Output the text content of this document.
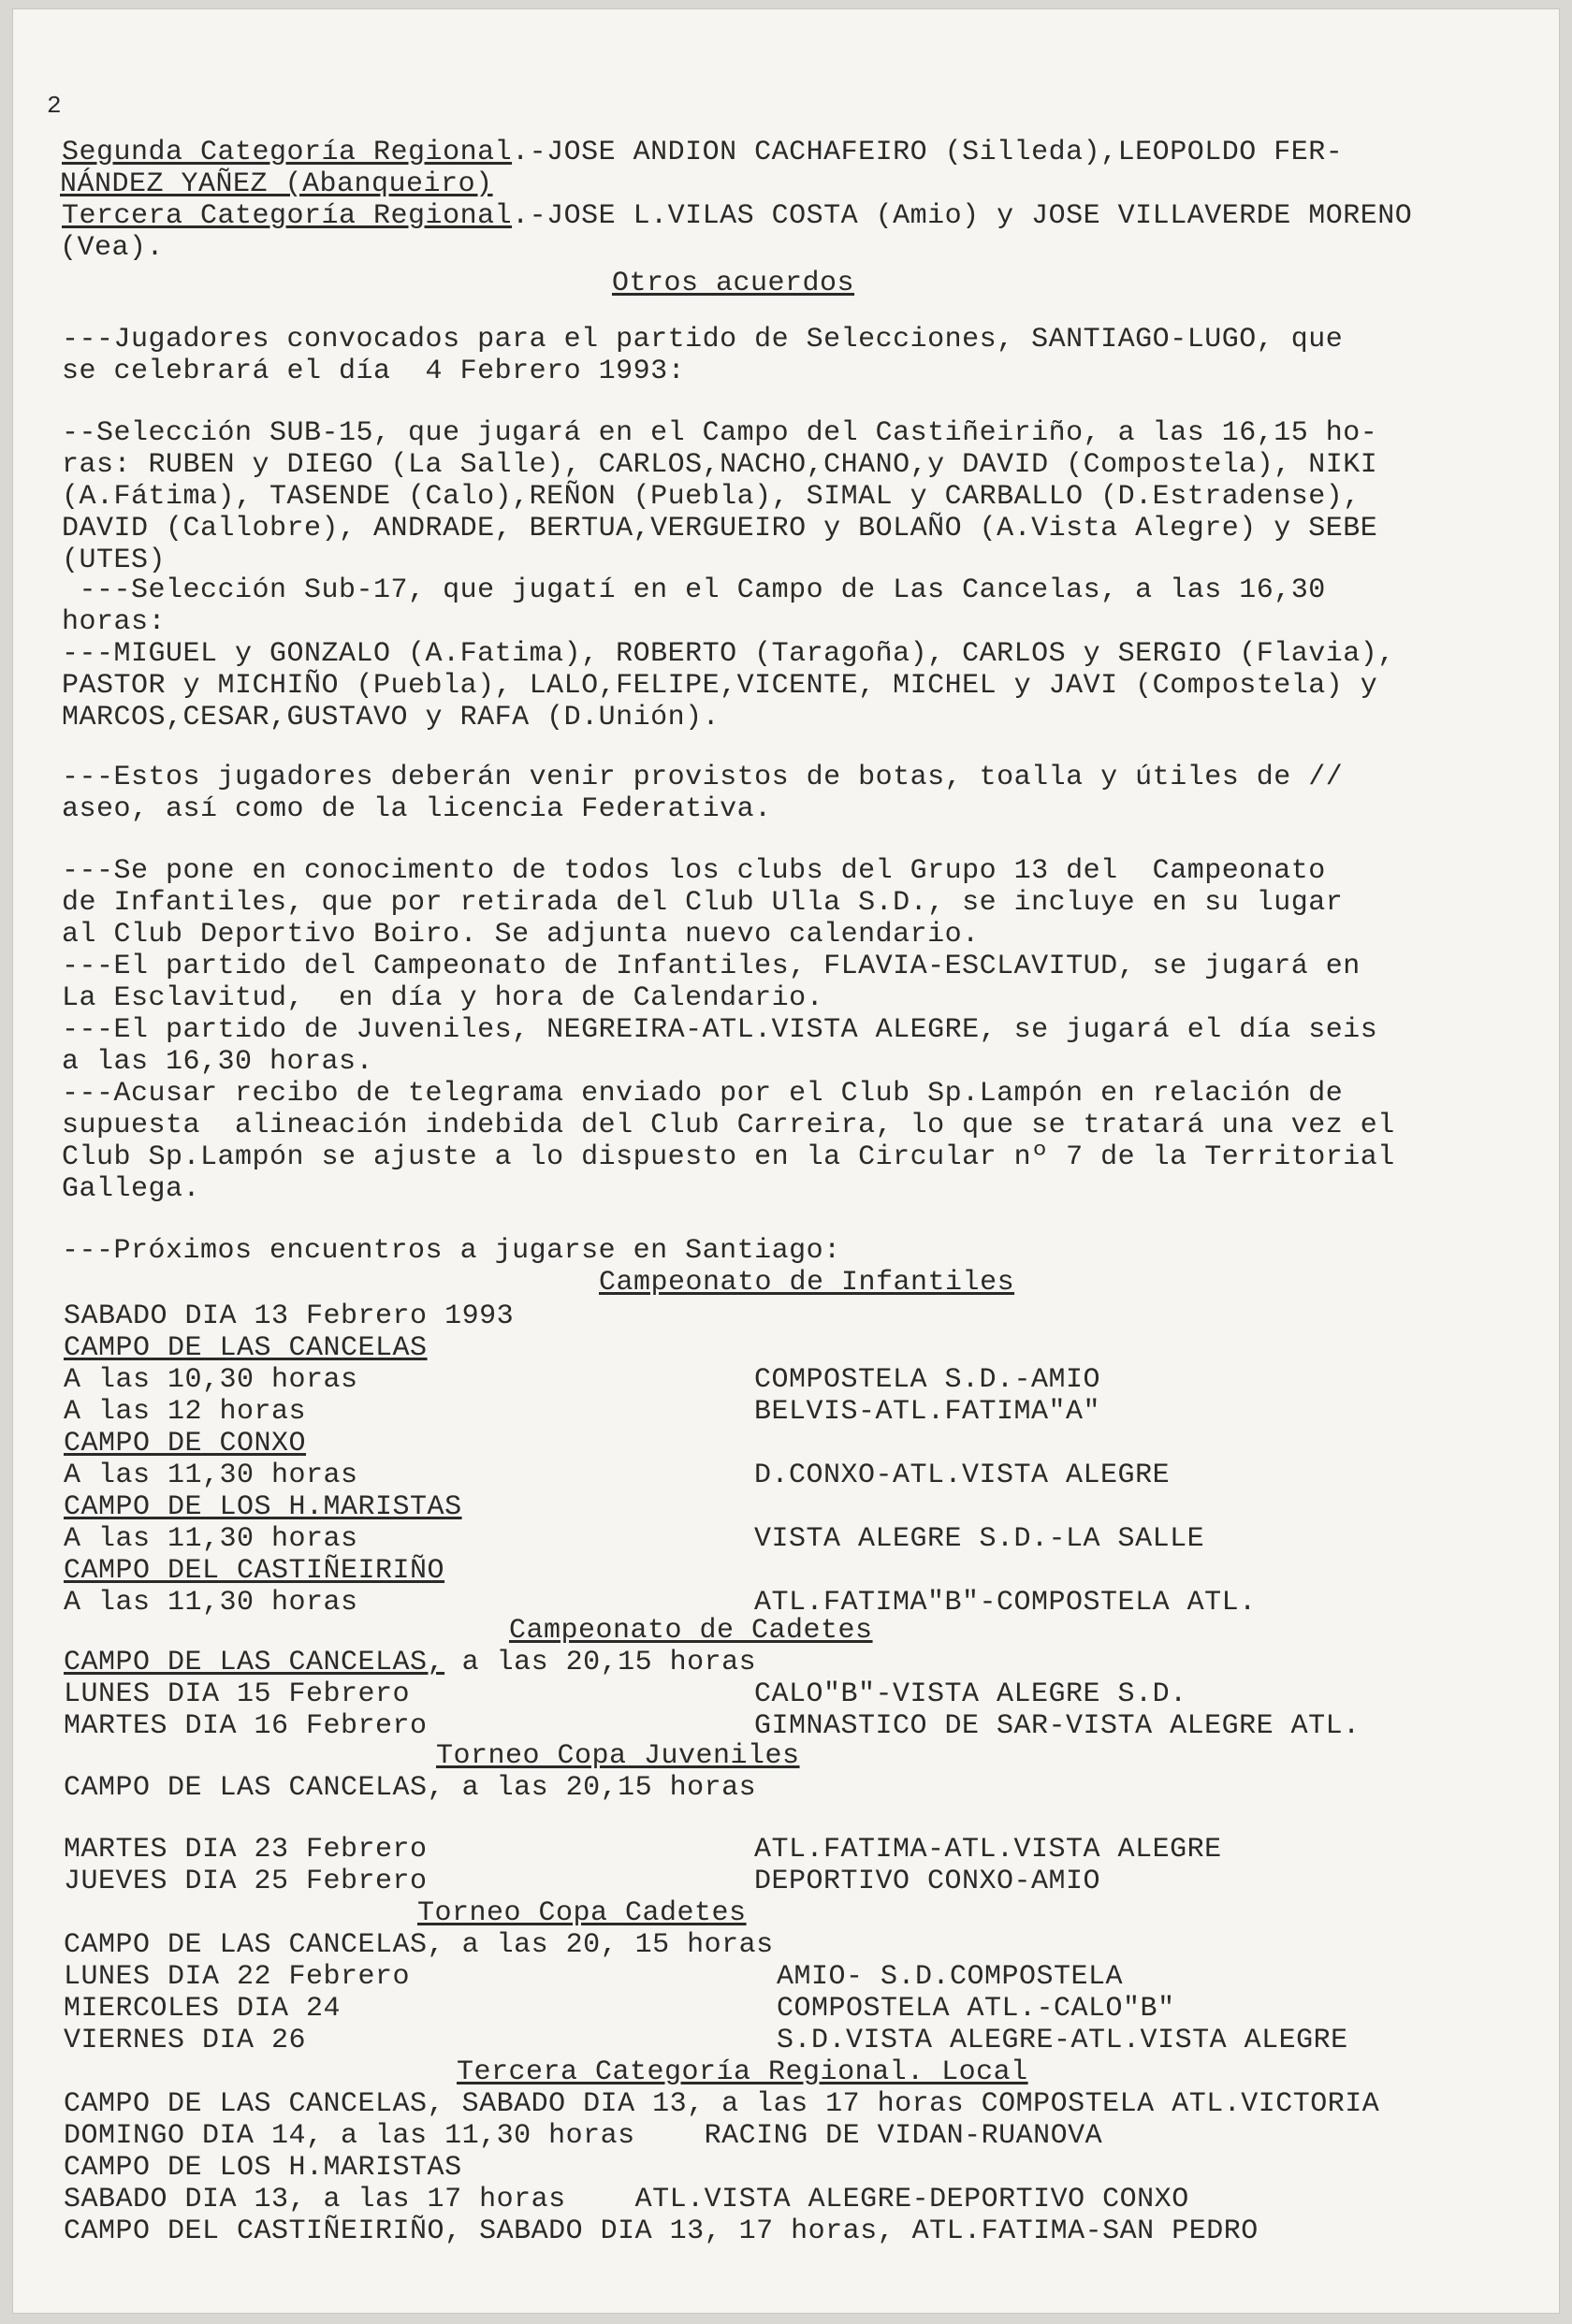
2
Segunda Categoría Regional.-JOSE ANDION CACHAFEIRO (Silleda),LEOPOLDO FER-
NÁNDEZ YAÑEZ (Abanqueiro)
Tercera Categoría Regional.-JOSE L.VILAS COSTA (Amio) y JOSE VILLAVERDE MORENO
(Vea).
Otros acuerdos
---Jugadores convocados para el partido de Selecciones, SANTIAGO-LUGO, que
se celebrará el día  4 Febrero 1993:
--Selección SUB-15, que jugará en el Campo del Castiñeiriño, a las 16,15 ho-
ras: RUBEN y DIEGO (La Salle), CARLOS,NACHO,CHANO,y DAVID (Compostela), NIKI
(A.Fátima), TASENDE (Calo),REÑON (Puebla), SIMAL y CARBALLO (D.Estradense),
DAVID (Callobre), ANDRADE, BERTUA,VERGUEIRO y BOLAÑO (A.Vista Alegre) y SEBE
(UTES)
---Selección Sub-17, que jugatí en el Campo de Las Cancelas, a las 16,30
horas:
---MIGUEL y GONZALO (A.Fatima), ROBERTO (Taragoña), CARLOS y SERGIO (Flavia),
PASTOR y MICHIÑO (Puebla), LALO,FELIPE,VICENTE, MICHEL y JAVI (Compostela) y
MARCOS,CESAR,GUSTAVO y RAFA (D.Unión).
---Estos jugadores deberán venir provistos de botas, toalla y útiles de //
aseo, así como de la licencia Federativa.
---Se pone en conocimento de todos los clubs del Grupo 13 del  Campeonato
de Infantiles, que por retirada del Club Ulla S.D., se incluye en su lugar
al Club Deportivo Boiro. Se adjunta nuevo calendario.
---El partido del Campeonato de Infantiles, FLAVIA-ESCLAVITUD, se jugará en
La Esclavitud,  en día y hora de Calendario.
---El partido de Juveniles, NEGREIRA-ATL.VISTA ALEGRE, se jugará el día seis
a las 16,30 horas.
---Acusar recibo de telegrama enviado por el Club Sp.Lampón en relación de
supuesta  alineación indebida del Club Carreira, lo que se tratará una vez el
Club Sp.Lampón se ajuste a lo dispuesto en la Circular nº 7 de la Territorial
Gallega.
---Próximos encuentros a jugarse en Santiago:
Campeonato de Infantiles
SABADO DIA 13 Febrero 1993
CAMPO DE LAS CANCELAS
A las 10,30 horas	COMPOSTELA S.D.-AMIO
A las 12 horas	BELVIS-ATL.FATIMA"A"
CAMPO DE CONXO
A las 11,30 horas	D.CONXO-ATL.VISTA ALEGRE
CAMPO DE LOS H.MARISTAS
A las 11,30 horas	VISTA ALEGRE S.D.-LA SALLE
CAMPO DEL CASTIÑEIRIÑO
A las 11,30 horas	ATL.FATIMA"B"-COMPOSTELA ATL.
Campeonato de Cadetes
CAMPO DE LAS CANCELAS, a las 20,15 horas
LUNES DIA 15 Febrero	CALO"B"-VISTA ALEGRE S.D.
MARTES DIA 16 Febrero	GIMNASTICO DE SAR-VISTA ALEGRE ATL.
Torneo Copa Juveniles
CAMPO DE LAS CANCELAS, a las 20,15 horas
MARTES DIA 23 Febrero	ATL.FATIMA-ATL.VISTA ALEGRE
JUEVES DIA 25 Febrero	DEPORTIVO CONXO-AMIO
Torneo Copa Cadetes
CAMPO DE LAS CANCELAS, a las 20, 15 horas
LUNES DIA 22 Febrero	AMIO- S.D.COMPOSTELA
MIERCOLES DIA 24	COMPOSTELA ATL.-CALO"B"
VIERNES DIA 26	S.D.VISTA ALEGRE-ATL.VISTA ALEGRE
Tercera Categoría Regional. Local
CAMPO DE LAS CANCELAS, SABADO DIA 13, a las 17 horas COMPOSTELA ATL.VICTORIA
DOMINGO DIA 14, a las 11,30 horas    RACING DE VIDAN-RUANOVA
CAMPO DE LOS H.MARISTAS
SABADO DIA 13, a las 17 horas    ATL.VISTA ALEGRE-DEPORTIVO CONXO
CAMPO DEL CASTIÑEIRIÑO, SABADO DIA 13, 17 horas, ATL.FATIMA-SAN PEDRO
